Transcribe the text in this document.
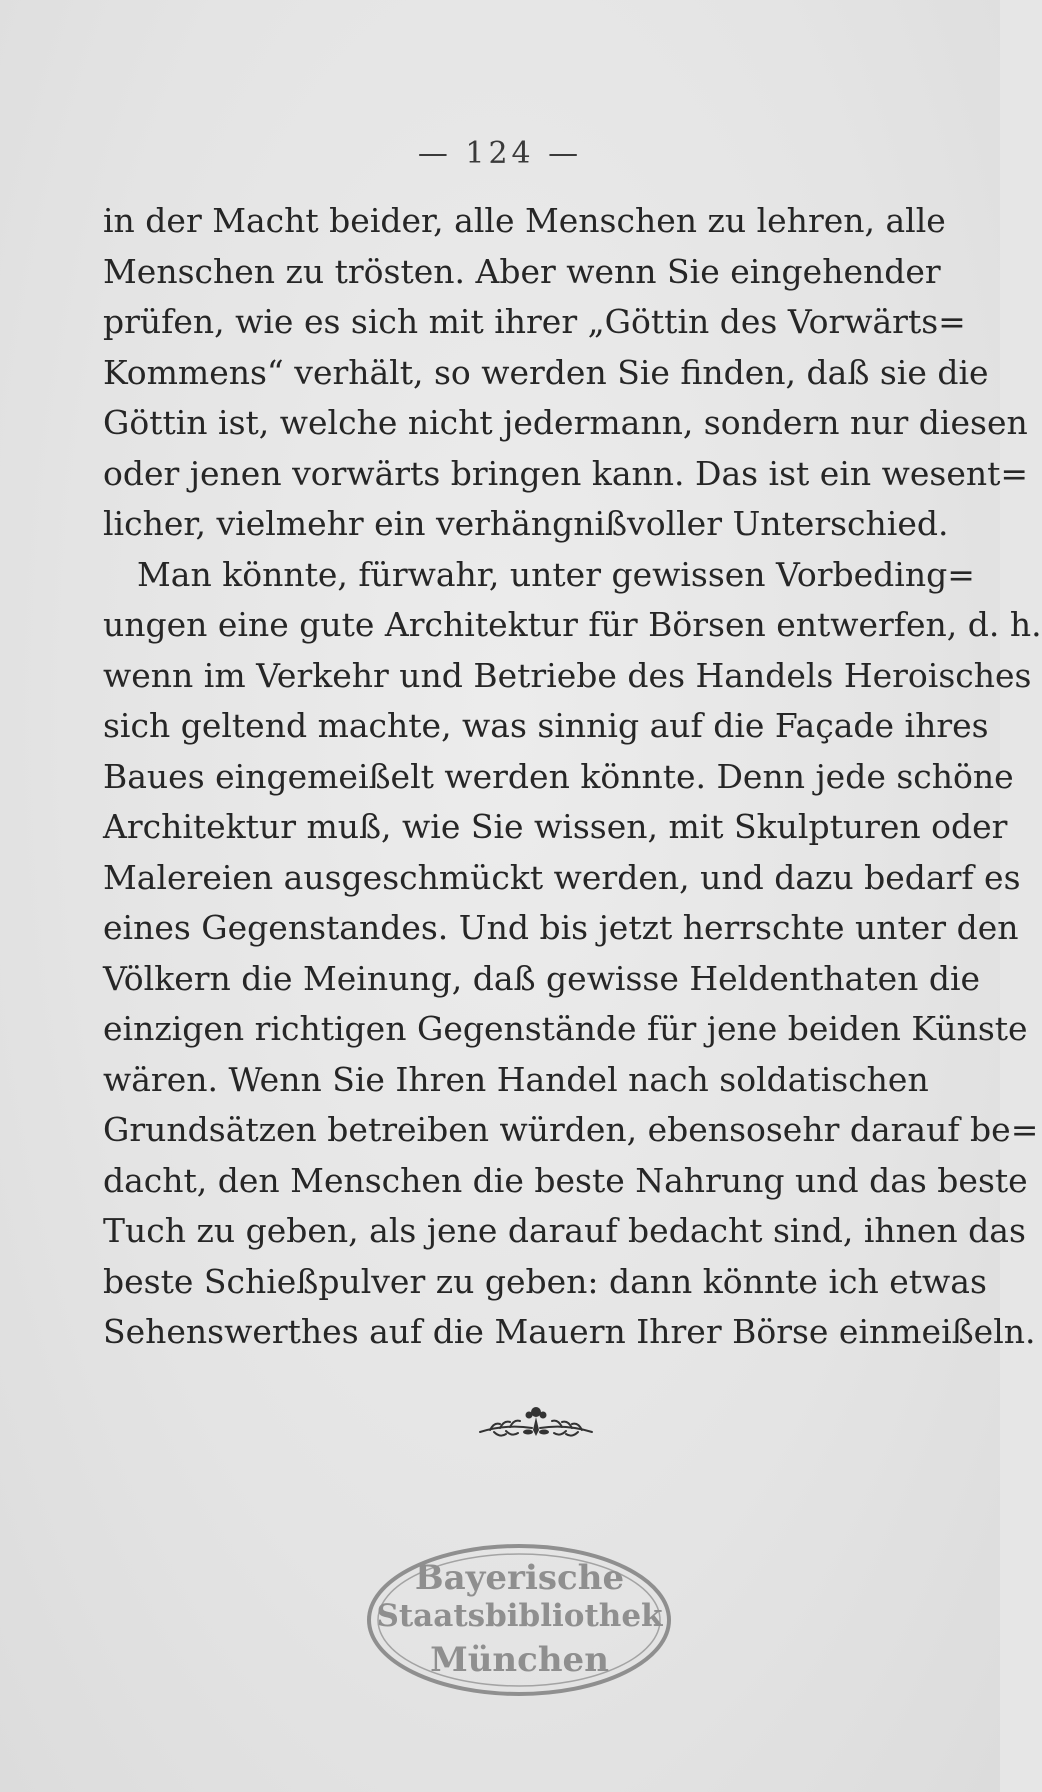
— 124 —
in der Macht beider, alle Menschen zu lehren, alle
Menschen zu trösten. Aber wenn Sie eingehender
prüfen, wie es sich mit ihrer „Göttin des Vorwärts=
Kommens“ verhält, so werden Sie finden, daß sie die
Göttin ist, welche nicht jedermann, sondern nur diesen
oder jenen vorwärts bringen kann. Das ist ein wesent=
licher, vielmehr ein verhängnißvoller Unterschied.
Man könnte, fürwahr, unter gewissen Vorbeding=
ungen eine gute Architektur für Börsen entwerfen, d. h.
wenn im Verkehr und Betriebe des Handels Heroisches
sich geltend machte, was sinnig auf die Façade ihres
Baues eingemeißelt werden könnte. Denn jede schöne
Architektur muß, wie Sie wissen, mit Skulpturen oder
Malereien ausgeschmückt werden, und dazu bedarf es
eines Gegenstandes. Und bis jetzt herrschte unter den
Völkern die Meinung, daß gewisse Heldenthaten die
einzigen richtigen Gegenstände für jene beiden Künste
wären. Wenn Sie Ihren Handel nach soldatischen
Grundsätzen betreiben würden, ebensosehr darauf be=
dacht, den Menschen die beste Nahrung und das beste
Tuch zu geben, als jene darauf bedacht sind, ihnen das
beste Schießpulver zu geben: dann könnte ich etwas
Sehenswerthes auf die Mauern Ihrer Börse einmeißeln.
Bayerische
Staatsbibliothek
München
